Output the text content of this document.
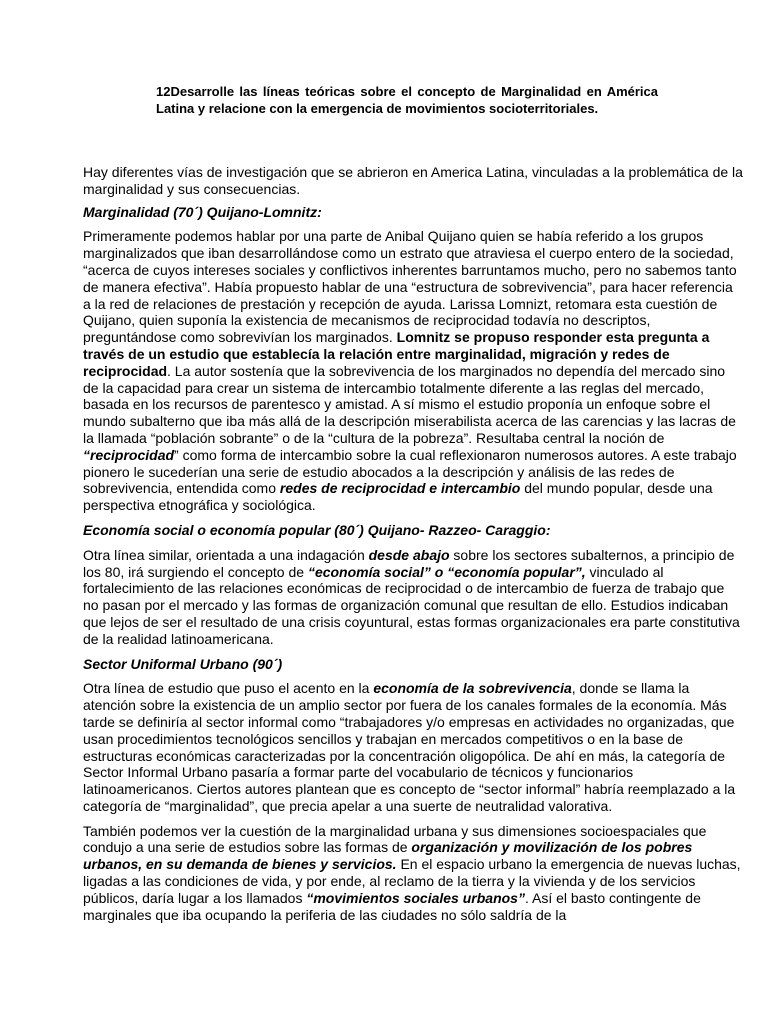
12Desarrolle las líneas teóricas sobre el concepto de Marginalidad en América Latina y relacione con la emergencia de movimientos socioterritoriales.

Hay diferentes vías de investigación que se abrieron en America Latina, vinculadas a la problemática de la marginalidad y sus consecuencias.

Marginalidad (70´) Quijano-Lomnitz:

Primeramente podemos hablar por una parte de Anibal Quijano quien se había referido a los grupos marginalizados que iban desarrollándose como un estrato que atraviesa el cuerpo entero de la sociedad, “acerca de cuyos intereses sociales y conflictivos inherentes barruntamos mucho, pero no sabemos tanto de manera efectiva”. Había propuesto hablar de una “estructura de sobrevivencia”, para hacer referencia a la red de relaciones de prestación y recepción de ayuda. Larissa Lomnizt, retomara esta cuestión de Quijano, quien suponía la existencia de mecanismos de reciprocidad todavía no descriptos, preguntándose como sobrevivían los marginados. Lomnitz se propuso responder esta pregunta a través de un estudio que establecía la relación entre marginalidad, migración y redes de reciprocidad. La autor sostenía que la sobrevivencia de los marginados no dependía del mercado sino de la capacidad para crear un sistema de intercambio totalmente diferente a las reglas del mercado, basada en los recursos de parentesco y amistad. A sí mismo el estudio proponía un enfoque sobre el mundo subalterno que iba más allá de la descripción miserabilista acerca de las carencias y las lacras de la llamada “población sobrante” o de la “cultura de la pobreza”. Resultaba central la noción de “reciprocidad” como forma de intercambio sobre la cual reflexionaron numerosos autores. A este trabajo pionero le sucederían una serie de estudio abocados a la descripción y análisis de las redes de sobrevivencia, entendida como redes de reciprocidad e intercambio del mundo popular, desde una perspectiva etnográfica y sociológica.

Economía social o economía popular (80´) Quijano- Razzeo- Caraggio:

Otra línea similar, orientada a una indagación desde abajo sobre los sectores subalternos, a principio de los 80, irá surgiendo el concepto de “economía social” o “economía popular”, vinculado al fortalecimiento de las relaciones económicas de reciprocidad o de intercambio de fuerza de trabajo que no pasan por el mercado y las formas de organización comunal que resultan de ello. Estudios indicaban que lejos de ser el resultado de una crisis coyuntural, estas formas organizacionales era parte constitutiva de la realidad latinoamericana.

Sector Uniformal Urbano (90´)

Otra línea de estudio que puso el acento en la economía de la sobrevivencia, donde se llama la atención sobre la existencia de un amplio sector por fuera de los canales formales de la economía. Más tarde se definiría al sector informal como “trabajadores y/o empresas en actividades no organizadas, que usan procedimientos tecnológicos sencillos y trabajan en mercados competitivos o en la base de estructuras económicas caracterizadas por la concentración oligopólica. De ahí en más, la categoría de Sector Informal Urbano pasaría a formar parte del vocabulario de técnicos y funcionarios latinoamericanos. Ciertos autores plantean que es concepto de “sector informal” habría reemplazado a la categoría de “marginalidad”, que precia apelar a una suerte de neutralidad valorativa.

También podemos ver la cuestión de la marginalidad urbana y sus dimensiones socioespaciales que condujo a una serie de estudios sobre las formas de organización y movilización de los pobres urbanos, en su demanda de bienes y servicios. En el espacio urbano la emergencia de nuevas luchas, ligadas a las condiciones de vida, y por ende, al reclamo de la tierra y la vivienda y de los servicios públicos, daría lugar a los llamados “movimientos sociales urbanos”. Así el basto contingente de marginales que iba ocupando la periferia de las ciudades no sólo saldría de la
